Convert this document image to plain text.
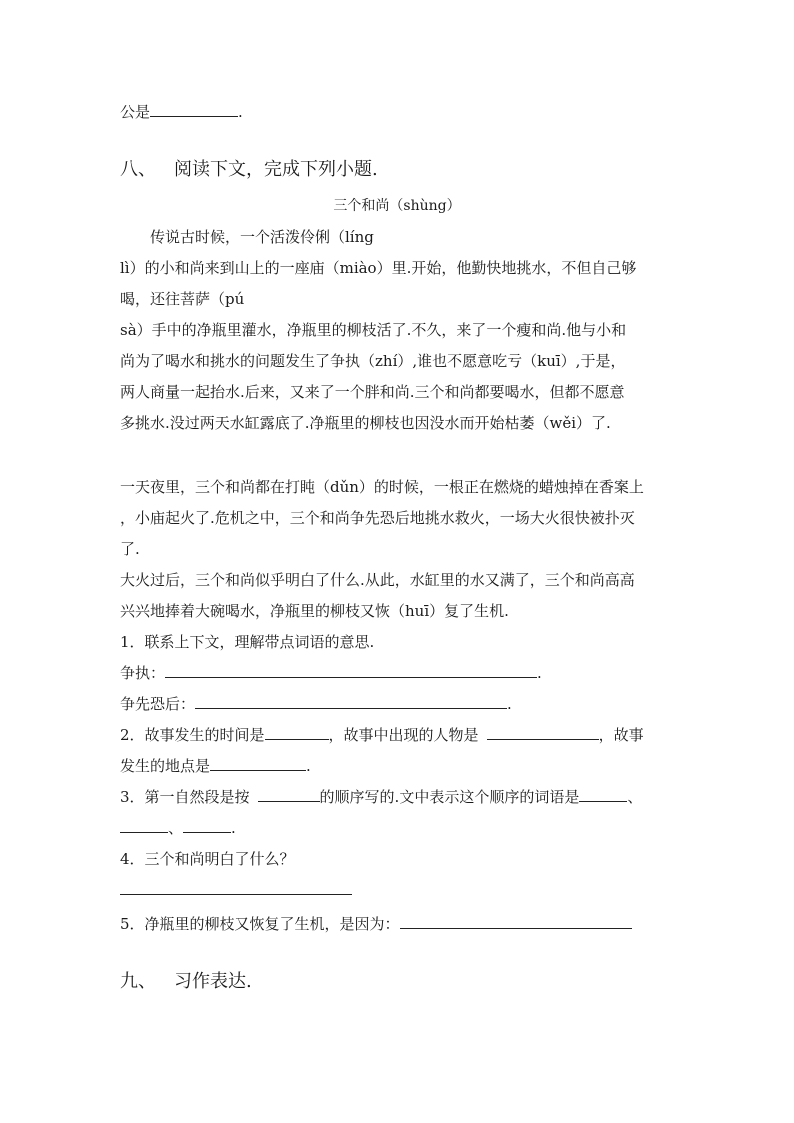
公是	.
八、 阅读下文，完成下列小题.
三个和尚（shùng）
传说古时候，一个活泼伶俐（líng
lì）的小和尚来到山上的一座庙（miào）里.开始，他勤快地挑水，不但自己够
喝，还往菩萨（pú
sà）手中的净瓶里灌水，净瓶里的柳枝活了.不久，来了一个瘦和尚.他与小和
尚为了喝水和挑水的问题发生了争执（zhí）,谁也不愿意吃亏（kuī）,于是，
两人商量一起抬水.后来，又来了一个胖和尚.三个和尚都要喝水，但都不愿意
多挑水.没过两天水缸露底了.净瓶里的柳枝也因没水而开始枯萎（wěi）了.
一天夜里，三个和尚都在打盹（dǔn）的时候，一根正在燃烧的蜡烛掉在香案上
，小庙起火了.危机之中，三个和尚争先恐后地挑水救火，一场大火很快被扑灭
了.
大火过后，三个和尚似乎明白了什么.从此，水缸里的水又满了，三个和尚高高
兴兴地捧着大碗喝水，净瓶里的柳枝又恢（huī）复了生机.
1．联系上下文，理解带点词语的意思.
争执：	.
争先恐后：	.
2．故事发生的时间是	，故事中出现的人物是	，故事
发生的地点是	.
3．第一自然段是按	的顺序写的.文中表示这个顺序的词语是	、
、	.
4．三个和尚明白了什么？
5．净瓶里的柳枝又恢复了生机，是因为：
九、 习作表达.
